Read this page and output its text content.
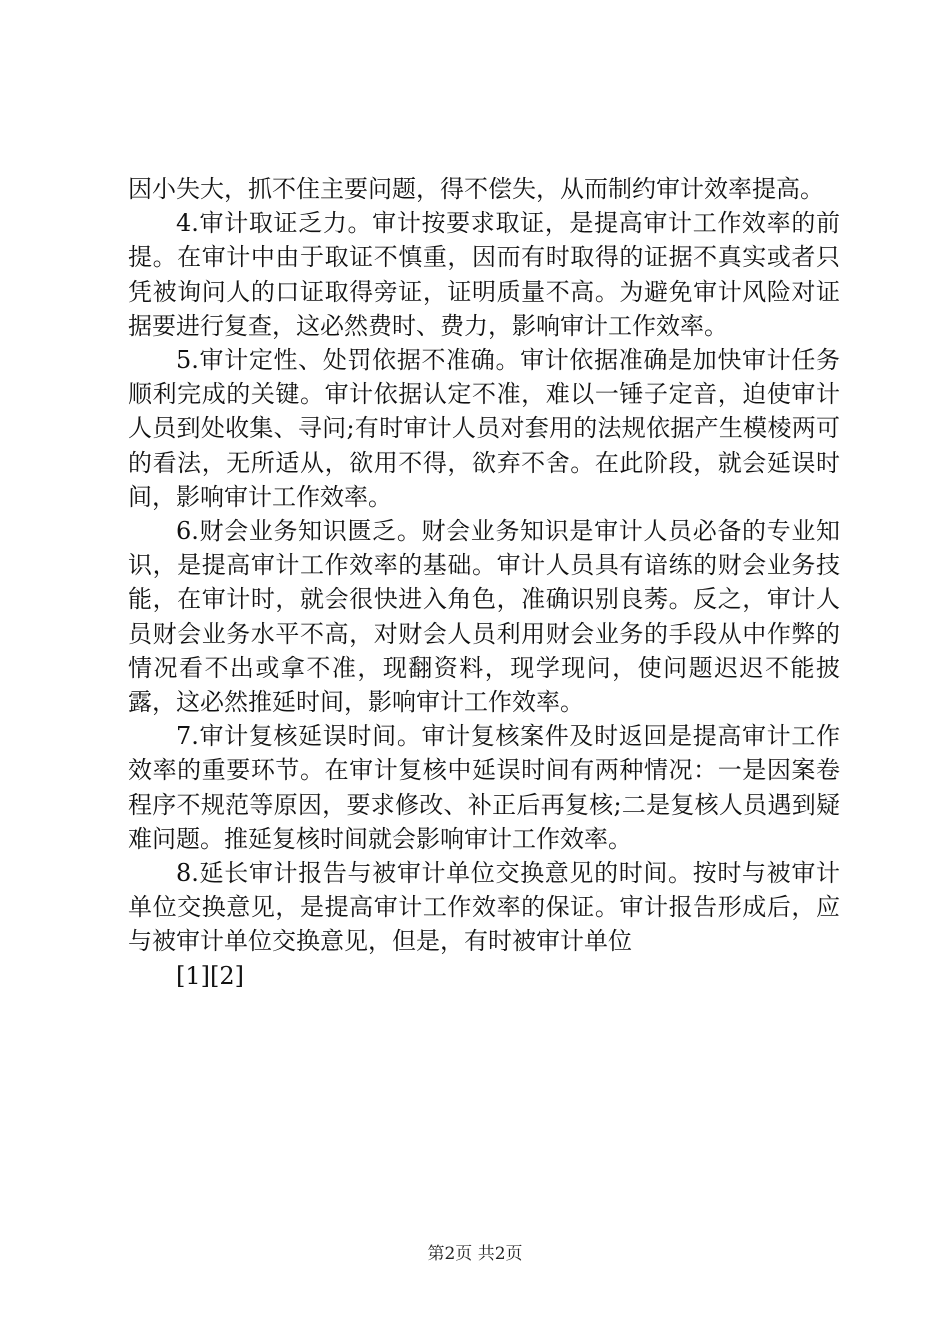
因小失大，抓不住主要问题，得不偿失，从而制约审计效率提高。

4.审计取证乏力。审计按要求取证，是提高审计工作效率的前提。在审计中由于取证不慎重，因而有时取得的证据不真实或者只凭被询问人的口证取得旁证，证明质量不高。为避免审计风险对证据要进行复查，这必然费时、费力，影响审计工作效率。

5.审计定性、处罚依据不准确。审计依据准确是加快审计任务顺利完成的关键。审计依据认定不准，难以一锤子定音，迫使审计人员到处收集、寻问;有时审计人员对套用的法规依据产生模棱两可的看法，无所适从，欲用不得，欲弃不舍。在此阶段，就会延误时间，影响审计工作效率。

6.财会业务知识匮乏。财会业务知识是审计人员必备的专业知识，是提高审计工作效率的基础。审计人员具有谙练的财会业务技能，在审计时，就会很快进入角色，准确识别良莠。反之，审计人员财会业务水平不高，对财会人员利用财会业务的手段从中作弊的情况看不出或拿不准，现翻资料，现学现问，使问题迟迟不能披露，这必然推延时间，影响审计工作效率。

7.审计复核延误时间。审计复核案件及时返回是提高审计工作效率的重要环节。在审计复核中延误时间有两种情况：一是因案卷程序不规范等原因，要求修改、补正后再复核;二是复核人员遇到疑难问题。推延复核时间就会影响审计工作效率。

8.延长审计报告与被审计单位交换意见的时间。按时与被审计单位交换意见，是提高审计工作效率的保证。审计报告形成后，应与被审计单位交换意见，但是，有时被审计单位

[1][2]

第2页 共2页
